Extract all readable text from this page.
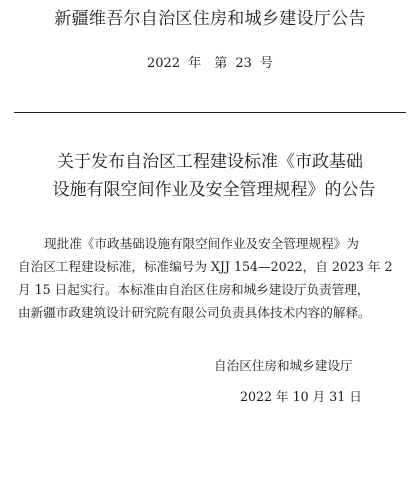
新疆维吾尔自治区住房和城乡建设厅公告
2022 年　第 23 号
关于发布自治区工程建设标准《市政基础
设施有限空间作业及安全管理规程》的公告
现批准《市政基础设施有限空间作业及安全管理规程》为
自治区工程建设标准，标准编号为 XJJ 154—2022，自 2023 年 2
月 15 日起实行。本标准由自治区住房和城乡建设厅负责管理，
由新疆市政建筑设计研究院有限公司负责具体技术内容的解释。
自治区住房和城乡建设厅
2022 年 10 月 31 日
